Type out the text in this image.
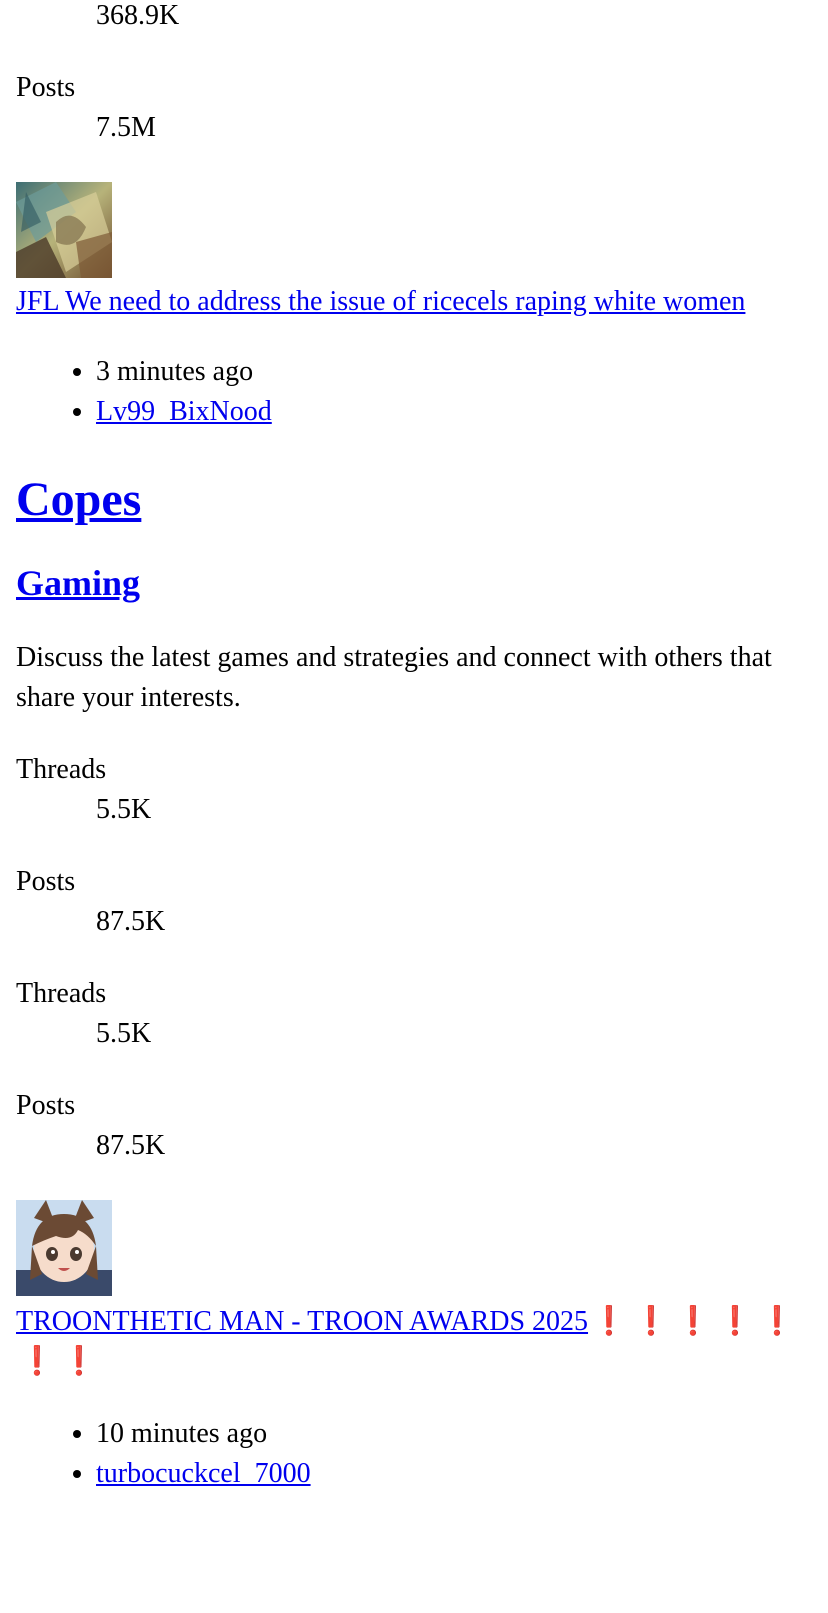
368.9K
Posts
7.5M
JFL We need to address the issue of ricecels raping white women
• 3 minutes ago
• Lv99_BixNood
Copes
Gaming

Discuss the latest games and strategies and connect with others that share your interests.

Threads
5.5K
Posts
87.5K
Threads
5.5K
Posts
87.5K
TROONTHETIC MAN - TROON AWARDS 2025 ❗ ❗ ❗ ❗ ❗❗ ❗
• 10 minutes ago
• turbocuckcel_7000
